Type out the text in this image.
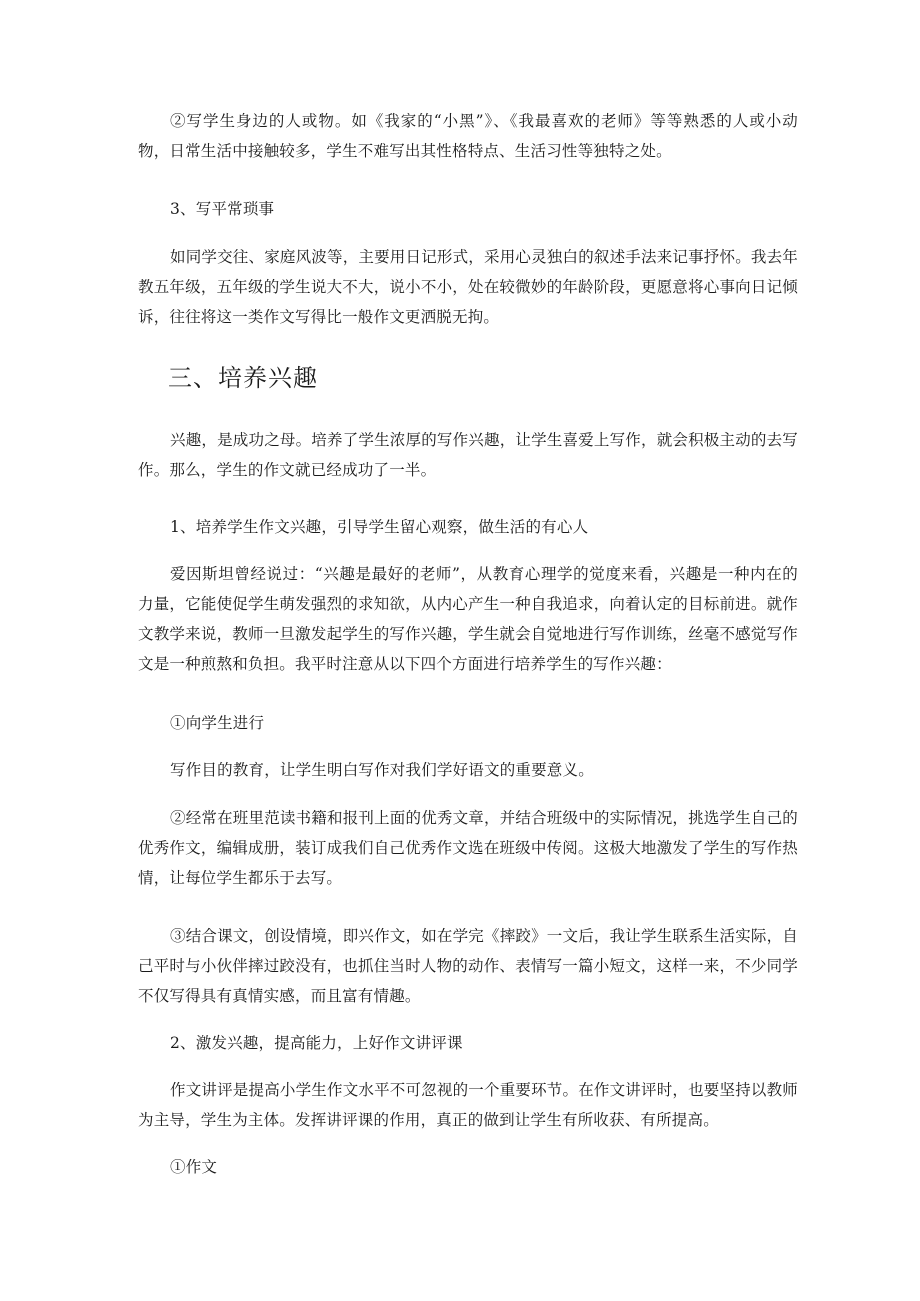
②写学生身边的人或物。如《我家的“小黑”》、《我最喜欢的老师》等等熟悉的人或小动物，日常生活中接触较多，学生不难写出其性格特点、生活习性等独特之处。

3、写平常琐事

如同学交往、家庭风波等，主要用日记形式，采用心灵独白的叙述手法来记事抒怀。我去年教五年级，五年级的学生说大不大，说小不小，处在较微妙的年龄阶段，更愿意将心事向日记倾诉，往往将这一类作文写得比一般作文更洒脱无拘。

三、培养兴趣

兴趣，是成功之母。培养了学生浓厚的写作兴趣，让学生喜爱上写作，就会积极主动的去写作。那么，学生的作文就已经成功了一半。

1、培养学生作文兴趣，引导学生留心观察，做生活的有心人

爱因斯坦曾经说过：“兴趣是最好的老师”，从教育心理学的觉度来看，兴趣是一种内在的力量，它能使促学生萌发强烈的求知欲，从内心产生一种自我追求，向着认定的目标前进。就作文教学来说，教师一旦激发起学生的写作兴趣，学生就会自觉地进行写作训练，丝毫不感觉写作文是一种煎熬和负担。我平时注意从以下四个方面进行培养学生的写作兴趣：

①向学生进行

写作目的教育，让学生明白写作对我们学好语文的重要意义。

②经常在班里范读书籍和报刊上面的优秀文章，并结合班级中的实际情况，挑选学生自己的优秀作文，编辑成册，装订成我们自己优秀作文选在班级中传阅。这极大地激发了学生的写作热情，让每位学生都乐于去写。

③结合课文，创设情境，即兴作文，如在学完《摔跤》一文后，我让学生联系生活实际，自己平时与小伙伴摔过跤没有，也抓住当时人物的动作、表情写一篇小短文，这样一来，不少同学不仅写得具有真情实感，而且富有情趣。

2、激发兴趣，提高能力，上好作文讲评课

作文讲评是提高小学生作文水平不可忽视的一个重要环节。在作文讲评时，也要坚持以教师为主导，学生为主体。发挥讲评课的作用，真正的做到让学生有所收获、有所提高。

①作文
